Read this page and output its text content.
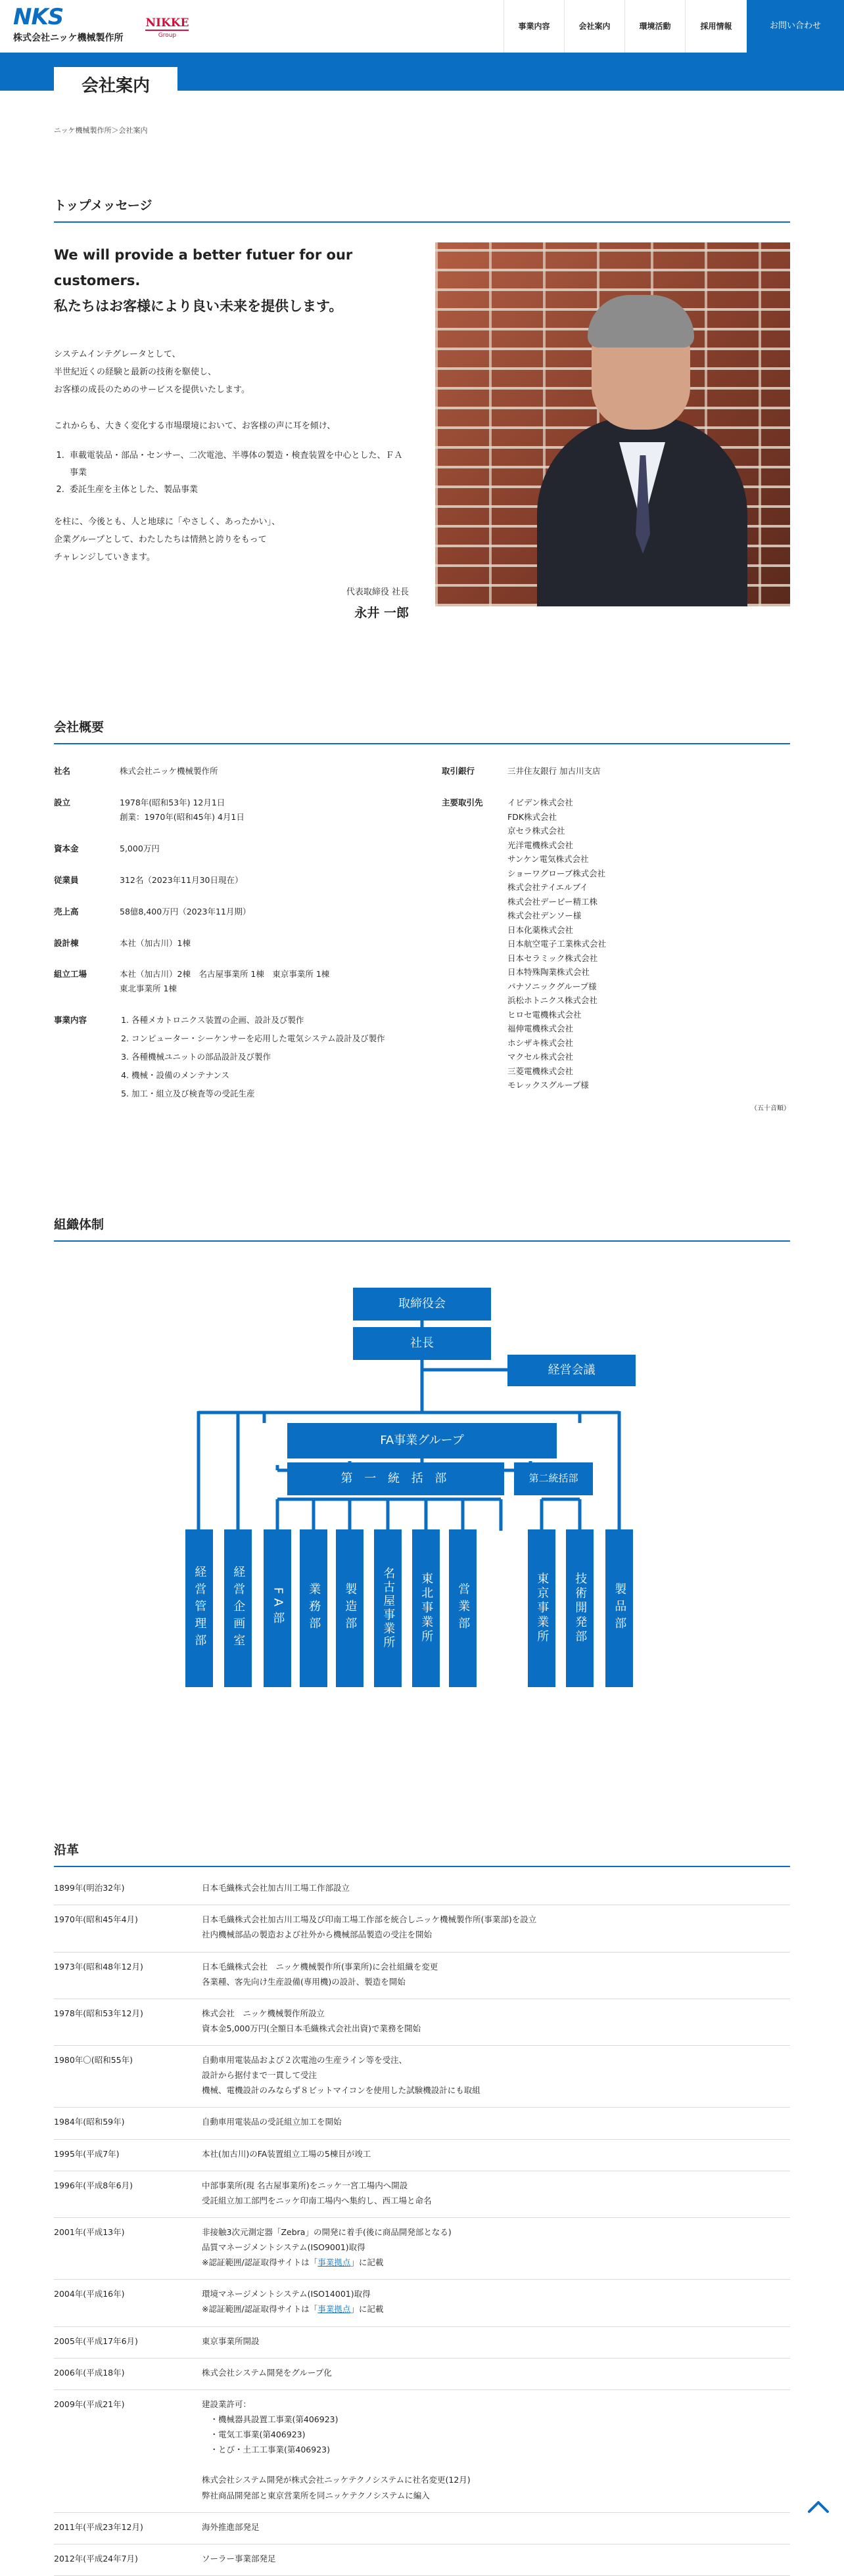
NKS
株式会社ニッケ機械製作所
NIKKE
Group
事業内容	会社案内	環境活動	採用情報	お問い合わせ
会社案内
ニッケ機械製作所＞会社案内
トップメッセージ
We will provide a better futuer for our customers.
私たちはお客様により良い未来を提供します。

システムインテグレータとして、
半世紀近くの経験と最新の技術を駆使し、
お客様の成長のためのサービスを提供いたします。

これからも、大きく変化する市場環境において、お客様の声に耳を傾け、

1. 車載電装品・部品・センサー、二次電池、半導体の製造・検査装置を中心とした、ＦＡ事業
2. 委託生産を主体とした、製品事業

を柱に、今後とも、人と地球に「やさしく、あったかい」、
企業グループとして、わたしたちは情熱と誇りをもって
チャレンジしていきます。

代表取締役 社長
永井 一郎
会社概要
社名	株式会社ニッケ機械製作所
設立	1978年(昭和53年) 12月1日
創業：1970年(昭和45年) 4月1日
資本金	5,000万円
従業員	312名（2023年11月30日現在）
売上高	58億8,400万円（2023年11月期）
設計棟	本社（加古川）1棟
組立工場	本社（加古川）2棟　名古屋事業所 1棟　東京事業所 1棟
東北事業所 1棟
事業内容
1.	各種メカトロニクス装置の企画、設計及び製作
2. コンピューター・シーケンサーを応用した電気システム設計及び製作
3. 各種機械ユニットの部品設計及び製作
4. 機械・設備のメンテナンス
5. 加工・組立及び検査等の受託生産
取引銀行	三井住友銀行 加古川支店
主要取引先	イビデン株式会社
FDK株式会社
京セラ株式会社
光洋電機株式会社
サンケン電気株式会社
ショーワグローブ株式会社
株式会社テイエルブイ
株式会社デービー精工株
株式会社デンソー様
日本化薬株式会社
日本航空電子工業株式会社
日本セラミック株式会社
日本特殊陶業株式会社
パナソニックグループ様
浜松ホトニクス株式会社
ヒロセ電機株式会社
福伸電機株式会社
ホシザキ株式会社
マクセル株式会社
三菱電機株式会社
モレックスグループ様
（五十音順）
組織体制
取締役会
社長
経営会議
FA事業グループ
第 一 統 括 部	第二統括部
経営管理部	経営企画室	FA部	業務部	製造部	名古屋事業所	東北事業所	営業部	東京事業所	技術開発部	製品部
沿革
1899年(明治32年)	日本毛織株式会社加古川工場工作部設立
1970年(昭和45年4月)	日本毛織株式会社加古川工場及び印南工場工作部を統合しニッケ機械製作所(事業部)を設立
社内機械部品の製造および社外から機械部品製造の受注を開始
1973年(昭和48年12月)	日本毛織株式会社　ニッケ機械製作所(事業所)に会社組織を変更
各業種、客先向け生産設備(専用機)の設計、製造を開始
1978年(昭和53年12月)	株式会社　ニッケ機械製作所設立
資本金5,000万円(全額日本毛織株式会社出資)で業務を開始
1980年〇(昭和55年)	自動車用電装品および２次電池の生産ライン等を受注、
設計から据付まで一貫して受注
機械、電機設計のみならず８ビットマイコンを使用した試験機設計にも取組
1984年(昭和59年)	自動車用電装品の受託組立加工を開始
1995年(平成7年)	本社(加古川)のFA装置組立工場の5棟目が竣工
1996年(平成8年6月)	中部事業所(現 名古屋事業所)をニッケ一宮工場内へ開設
受託組立加工部門をニッケ印南工場内へ集約し、西工場と命名
2001年(平成13年)	非接触3次元測定器「Zebra」の開発に着手(後に商品開発部となる)
品質マネージメントシステム(ISO9001)取得
※認証範囲/認証取得サイトは「事業拠点」に記載
2004年(平成16年)	環境マネージメントシステム(ISO14001)取得
※認証範囲/認証取得サイトは「事業拠点」に記載
2005年(平成17年6月)	東京事業所開設
2006年(平成18年)	株式会社システム開発をグループ化
2009年(平成21年)	建設業許可：
　・機械器具設置工事業(第406923)
　・電気工事業(第406923)
　・とび・土工工事業(第406923)

株式会社システム開発が株式会社ニッケテクノシステムに社名変更(12月)
弊社商品開発部と東京営業所を同ニッケテクノシステムに編入
2011年(平成23年12月)	海外推進部発足
2012年(平成24年7月)	ソーラー事業部発足
